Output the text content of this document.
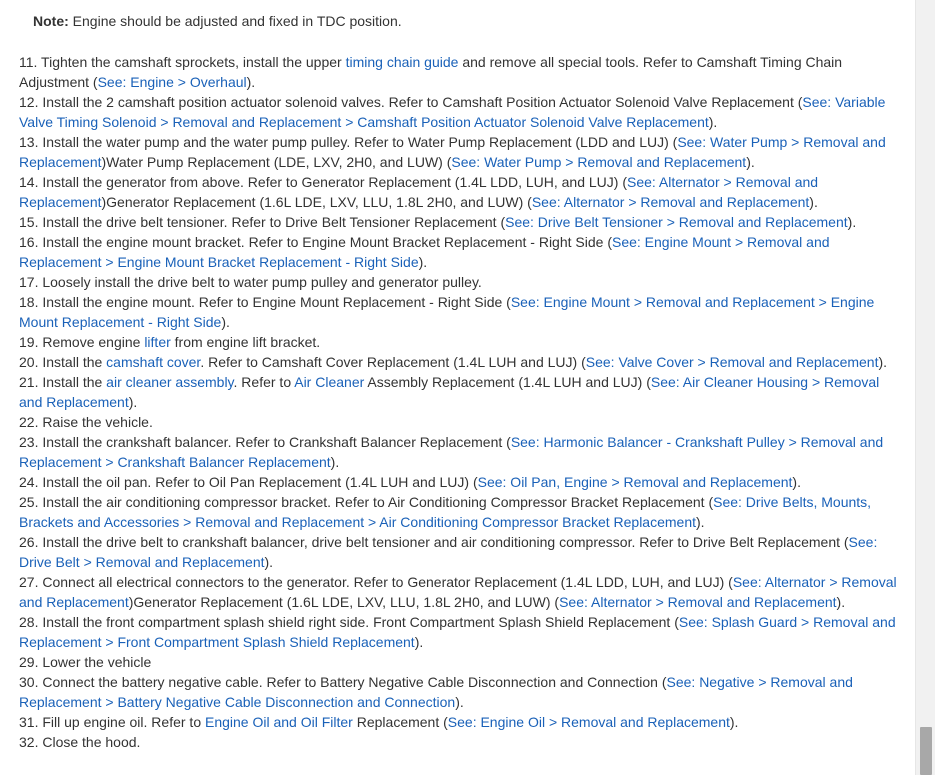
Note: Engine should be adjusted and fixed in TDC position.
11. Tighten the camshaft sprockets, install the upper timing chain guide and remove all special tools. Refer to Camshaft Timing Chain Adjustment (See: Engine > Overhaul).
12. Install the 2 camshaft position actuator solenoid valves. Refer to Camshaft Position Actuator Solenoid Valve Replacement (See: Variable Valve Timing Solenoid > Removal and Replacement > Camshaft Position Actuator Solenoid Valve Replacement).
13. Install the water pump and the water pump pulley. Refer to Water Pump Replacement (LDD and LUJ) (See: Water Pump > Removal and Replacement)Water Pump Replacement (LDE, LXV, 2H0, and LUW) (See: Water Pump > Removal and Replacement).
14. Install the generator from above. Refer to Generator Replacement (1.4L LDD, LUH, and LUJ) (See: Alternator > Removal and Replacement)Generator Replacement (1.6L LDE, LXV, LLU, 1.8L 2H0, and LUW) (See: Alternator > Removal and Replacement).
15. Install the drive belt tensioner. Refer to Drive Belt Tensioner Replacement (See: Drive Belt Tensioner > Removal and Replacement).
16. Install the engine mount bracket. Refer to Engine Mount Bracket Replacement - Right Side (See: Engine Mount > Removal and Replacement > Engine Mount Bracket Replacement - Right Side).
17. Loosely install the drive belt to water pump pulley and generator pulley.
18. Install the engine mount. Refer to Engine Mount Replacement - Right Side (See: Engine Mount > Removal and Replacement > Engine Mount Replacement - Right Side).
19. Remove engine lifter from engine lift bracket.
20. Install the camshaft cover. Refer to Camshaft Cover Replacement (1.4L LUH and LUJ) (See: Valve Cover > Removal and Replacement).
21. Install the air cleaner assembly. Refer to Air Cleaner Assembly Replacement (1.4L LUH and LUJ) (See: Air Cleaner Housing > Removal and Replacement).
22. Raise the vehicle.
23. Install the crankshaft balancer. Refer to Crankshaft Balancer Replacement (See: Harmonic Balancer - Crankshaft Pulley > Removal and Replacement > Crankshaft Balancer Replacement).
24. Install the oil pan. Refer to Oil Pan Replacement (1.4L LUH and LUJ) (See: Oil Pan, Engine > Removal and Replacement).
25. Install the air conditioning compressor bracket. Refer to Air Conditioning Compressor Bracket Replacement (See: Drive Belts, Mounts, Brackets and Accessories > Removal and Replacement > Air Conditioning Compressor Bracket Replacement).
26. Install the drive belt to crankshaft balancer, drive belt tensioner and air conditioning compressor. Refer to Drive Belt Replacement (See: Drive Belt > Removal and Replacement).
27. Connect all electrical connectors to the generator. Refer to Generator Replacement (1.4L LDD, LUH, and LUJ) (See: Alternator > Removal and Replacement)Generator Replacement (1.6L LDE, LXV, LLU, 1.8L 2H0, and LUW) (See: Alternator > Removal and Replacement).
28. Install the front compartment splash shield right side. Front Compartment Splash Shield Replacement (See: Splash Guard > Removal and Replacement > Front Compartment Splash Shield Replacement).
29. Lower the vehicle
30. Connect the battery negative cable. Refer to Battery Negative Cable Disconnection and Connection (See: Negative > Removal and Replacement > Battery Negative Cable Disconnection and Connection).
31. Fill up engine oil. Refer to Engine Oil and Oil Filter Replacement (See: Engine Oil > Removal and Replacement).
32. Close the hood.
